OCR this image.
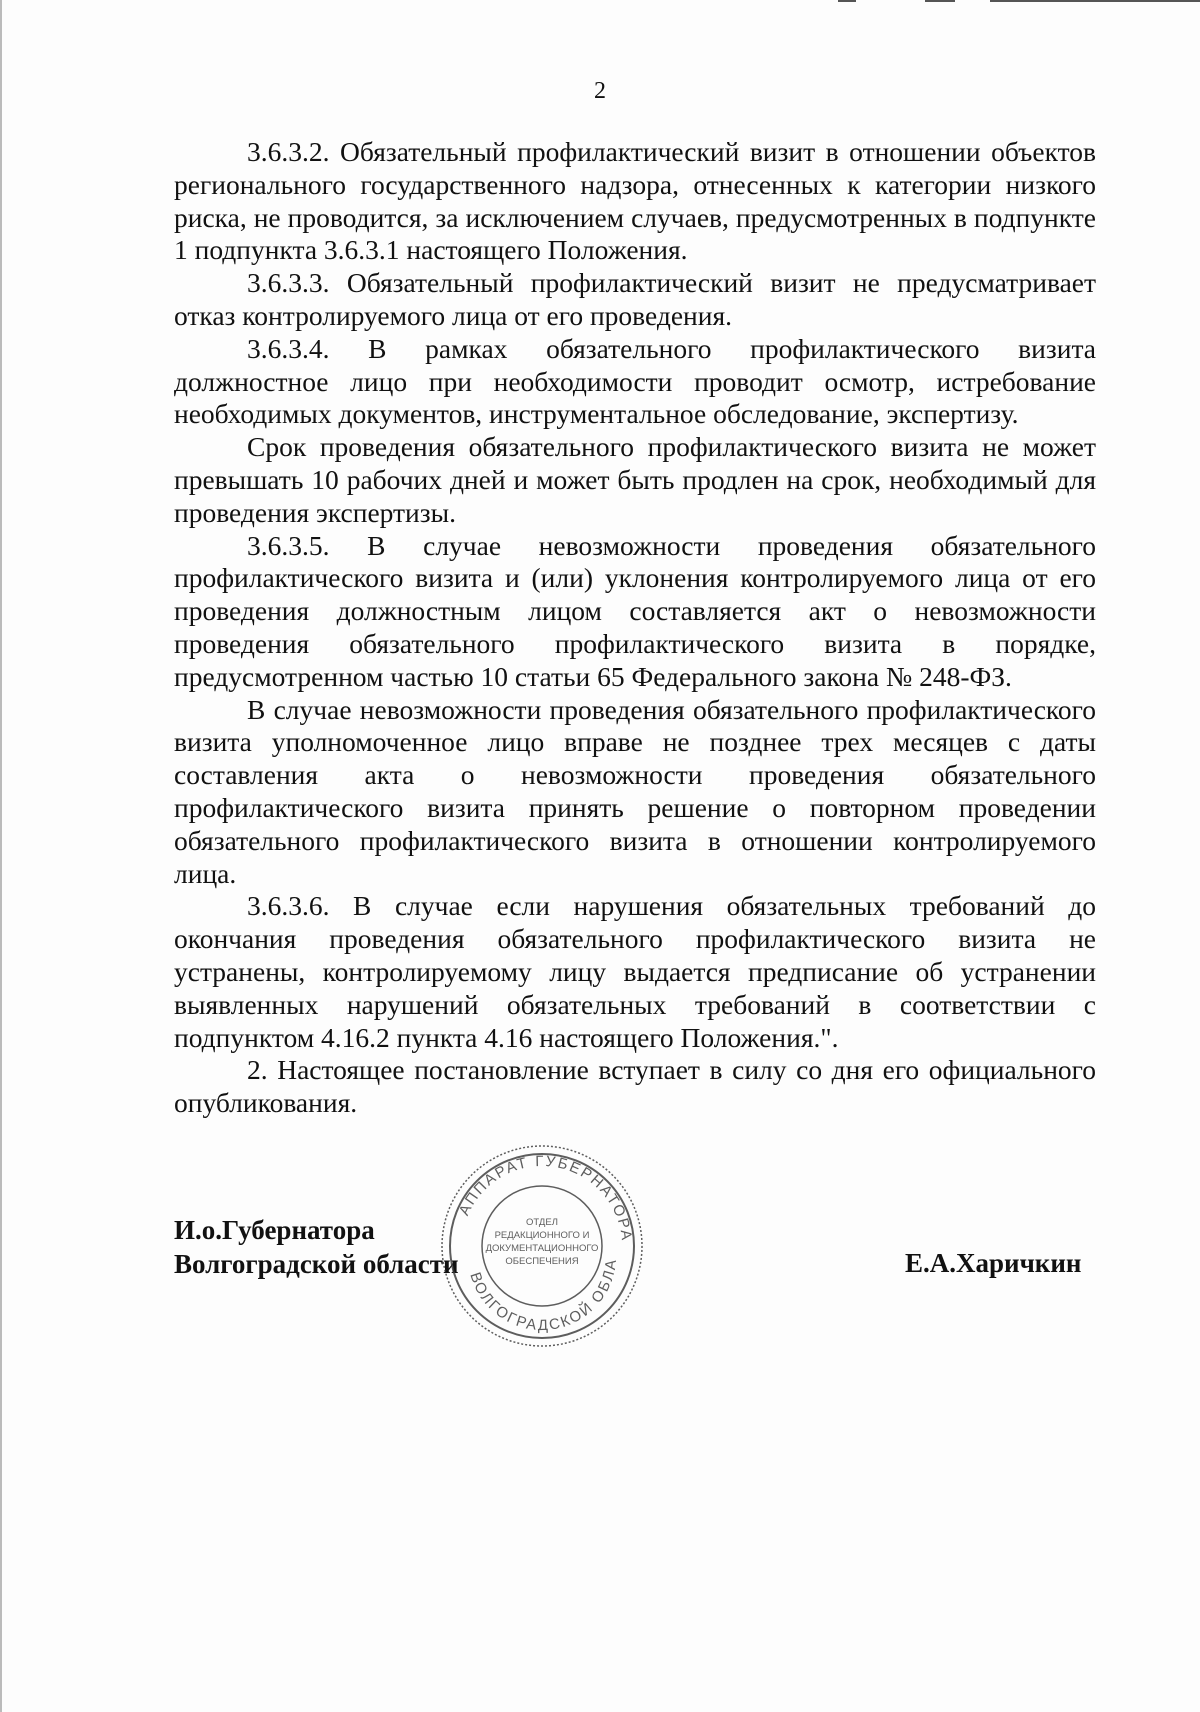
2

3.6.3.2. Обязательный профилактический визит в отношении объектов регионального государственного надзора, отнесенных к категории низкого риска, не проводится, за исключением случаев, предусмотренных в подпункте 1 подпункта 3.6.3.1 настоящего Положения.

3.6.3.3. Обязательный профилактический визит не предусматривает отказ контролируемого лица от его проведения.

3.6.3.4. В рамках обязательного профилактического визита должностное лицо при необходимости проводит осмотр, истребование необходимых документов, инструментальное обследование, экспертизу.

Срок проведения обязательного профилактического визита не может превышать 10 рабочих дней и может быть продлен на срок, необходимый для проведения экспертизы.

3.6.3.5. В случае невозможности проведения обязательного профилактического визита и (или) уклонения контролируемого лица от его проведения должностным лицом составляется акт о невозможности проведения обязательного профилактического визита в порядке, предусмотренном частью 10 статьи 65 Федерального закона № 248-ФЗ.

В случае невозможности проведения обязательного профилактического визита уполномоченное лицо вправе не позднее трех месяцев с даты составления акта о невозможности проведения обязательного профилактического визита принять решение о повторном проведении обязательного профилактического визита в отношении контролируемого лица.

3.6.3.6. В случае если нарушения обязательных требований до окончания проведения обязательного профилактического визита не устранены, контролируемому лицу выдается предписание об устранении выявленных нарушений обязательных требований в соответствии с подпунктом 4.16.2 пункта 4.16 настоящего Положения.".

2. Настоящее постановление вступает в силу со дня его официального опубликования.

И.о.Губернатора
Волгоградской области	Е.А.Харичкин
АППАРАТ ГУБЕРНАТОРА
ВОЛГОГРАДСКОЙ ОБЛА
ОТДЕЛ
РЕДАКЦИОННОГО И
ДОКУМЕНТАЦИОННОГО
ОБЕСПЕЧЕНИЯ
